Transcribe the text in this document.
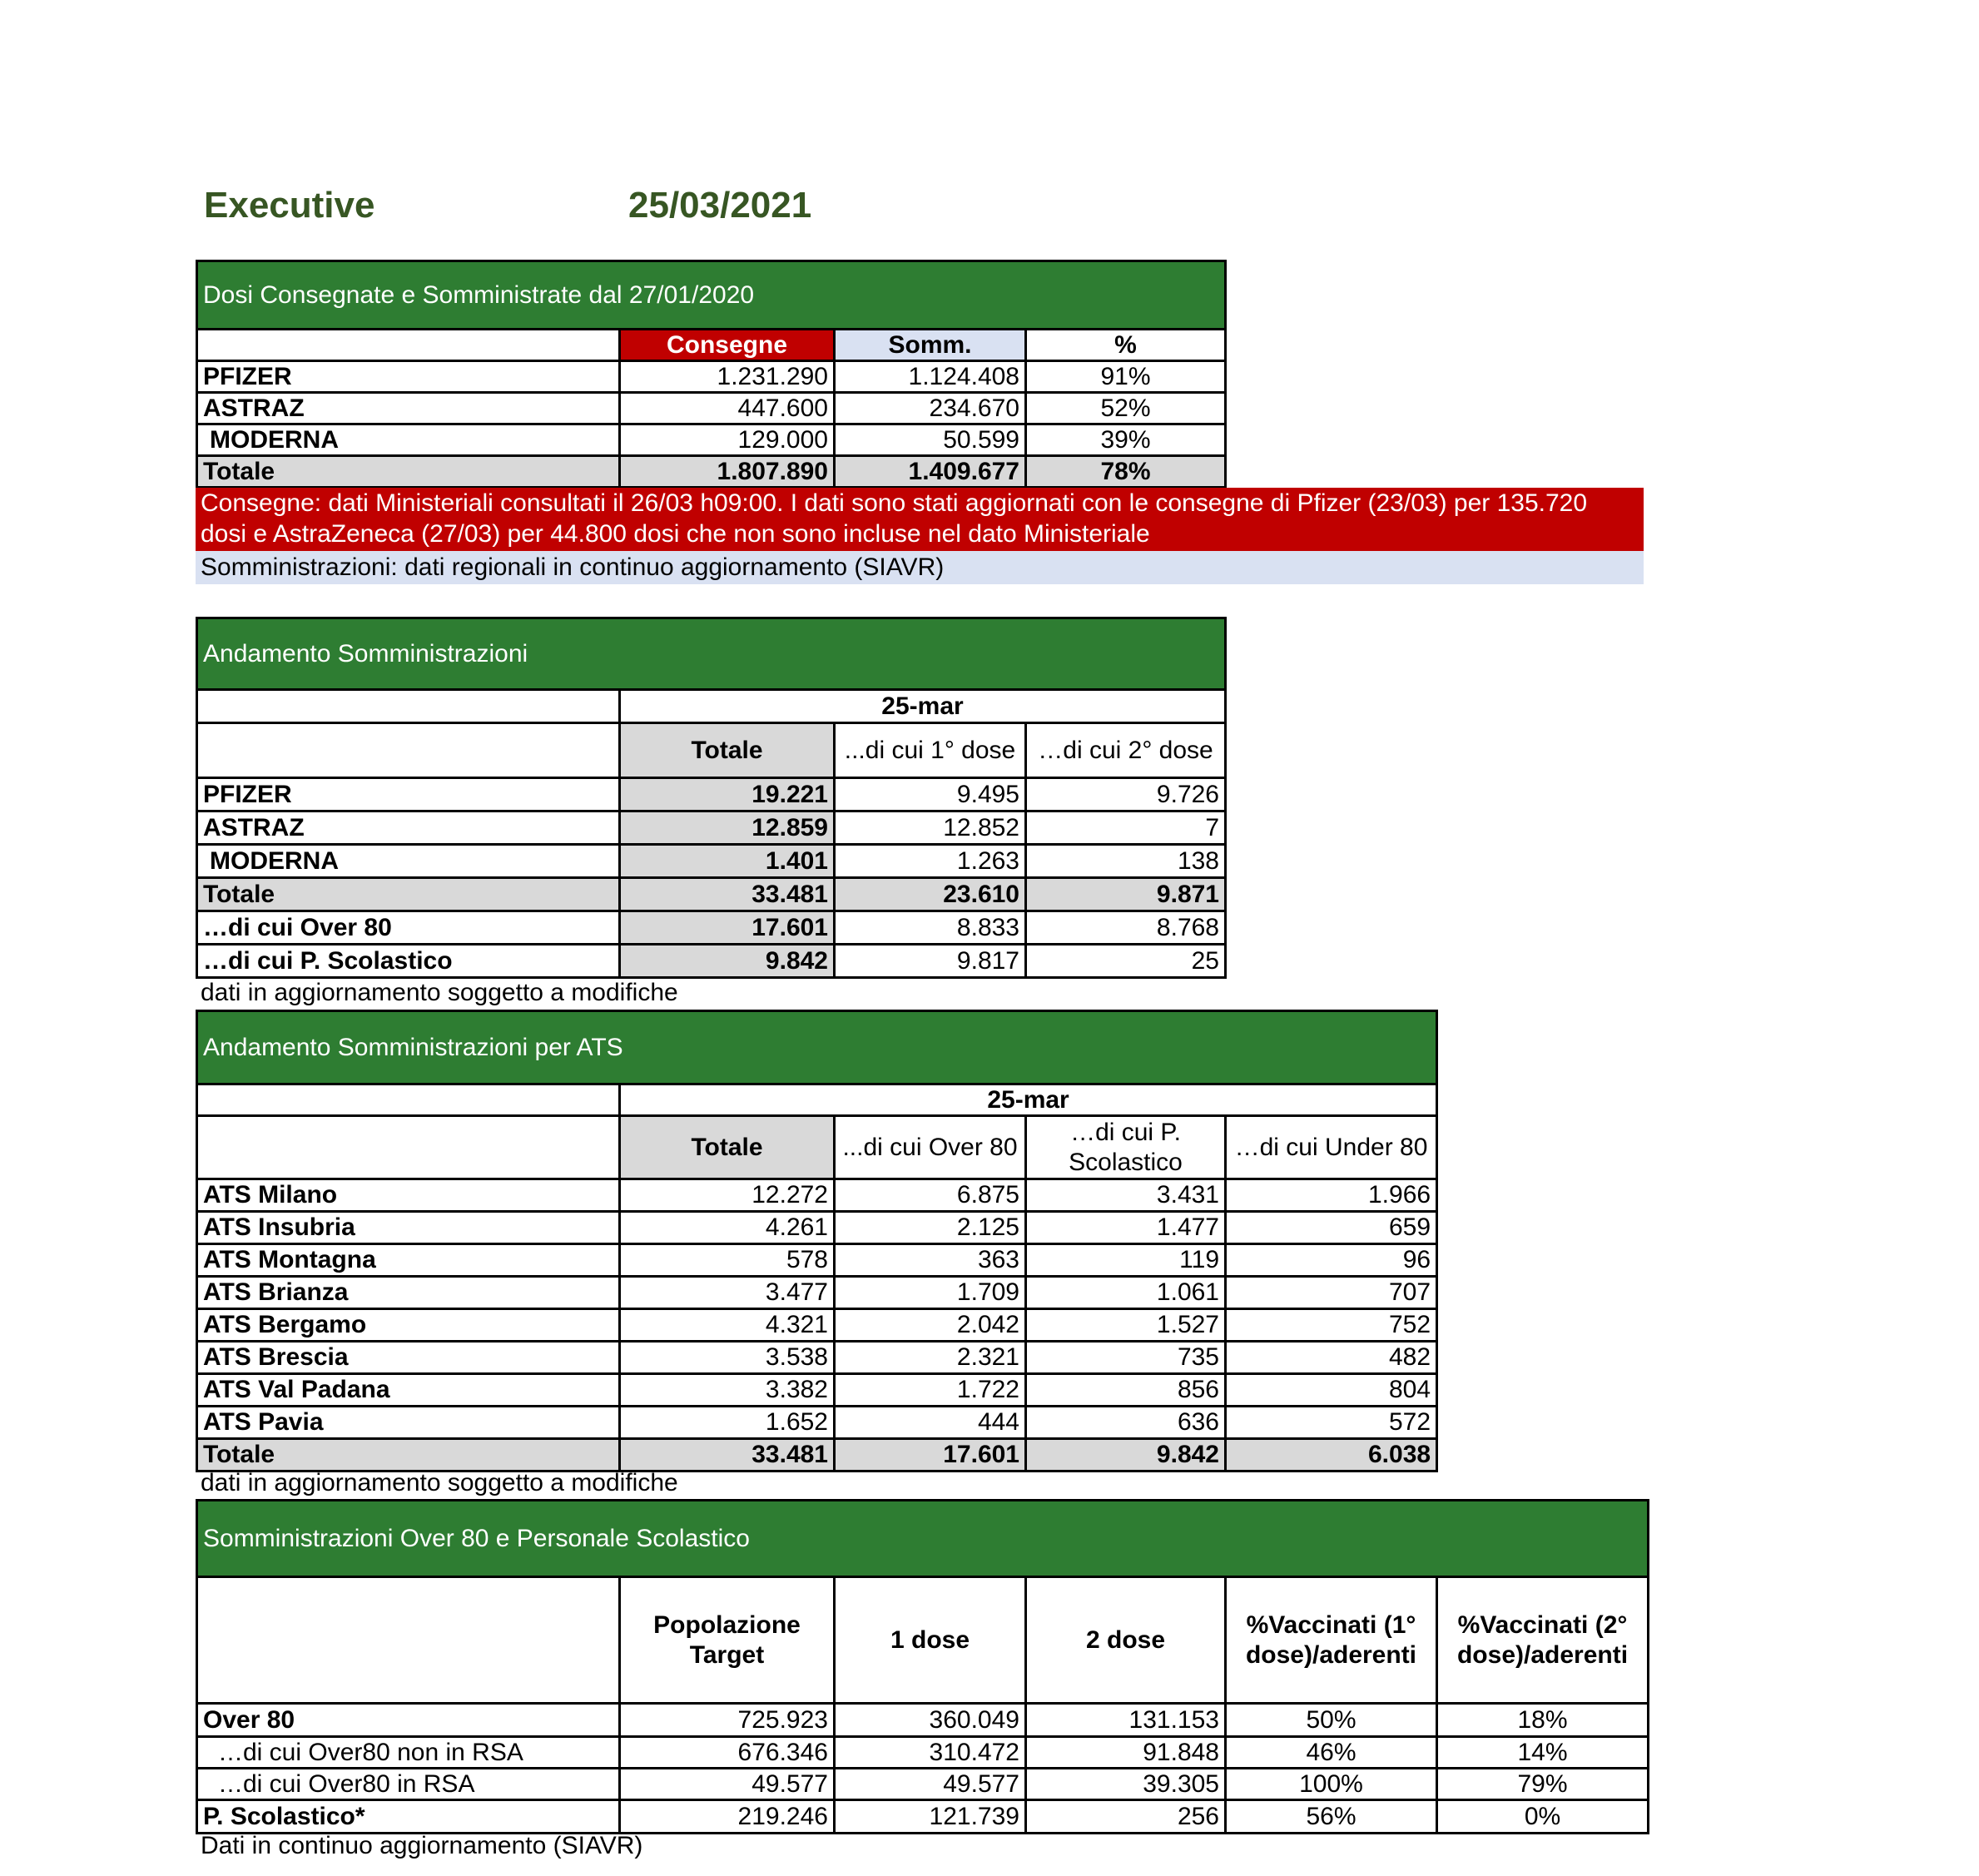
Executive	25/03/2021
Dosi Consegnate e Somministrate dal 27/01/2020			
	Consegne	Somm.	%
PFIZER	1.231.290	1.124.408	91%
ASTRAZ	447.600	234.670	52%
MODERNA	129.000	50.599	39%
Totale	1.807.890	1.409.677	78%
Consegne: dati Ministeriali consultati il 26/03 h09:00. I dati sono stati aggiornati con le consegne di Pfizer (23/03) per 135.720
dosi e AstraZeneca (27/03) per 44.800 dosi che non sono incluse nel dato Ministeriale
Somministrazioni: dati regionali in continuo aggiornamento (SIAVR)
Andamento Somministrazioni			
	25-mar		
	Totale	...di cui 1° dose	…di cui 2° dose
PFIZER	19.221	9.495	9.726
ASTRAZ	12.859	12.852	7
MODERNA	1.401	1.263	138
Totale	33.481	23.610	9.871
…di cui Over 80	17.601	8.833	8.768
…di cui P. Scolastico	9.842	9.817	25
dati in aggiornamento soggetto a modifiche
Andamento Somministrazioni per ATS				
	25-mar			
	Totale	...di cui Over 80	…di cui P. Scolastico	…di cui Under 80
ATS Milano	12.272	6.875	3.431	1.966
ATS Insubria	4.261	2.125	1.477	659
ATS Montagna	578	363	119	96
ATS Brianza	3.477	1.709	1.061	707
ATS Bergamo	4.321	2.042	1.527	752
ATS Brescia	3.538	2.321	735	482
ATS Val Padana	3.382	1.722	856	804
ATS Pavia	1.652	444	636	572
Totale	33.481	17.601	9.842	6.038
dati in aggiornamento soggetto a modifiche
Somministrazioni Over 80 e Personale Scolastico					
	Popolazione Target	1 dose	2 dose	%Vaccinati (1° dose)/aderenti	%Vaccinati (2° dose)/aderenti
Over 80	725.923	360.049	131.153	50%	18%
…di cui Over80 non in RSA	676.346	310.472	91.848	46%	14%
…di cui Over80 in RSA	49.577	49.577	39.305	100%	79%
P. Scolastico*	219.246	121.739	256	56%	0%
Dati in continuo aggiornamento (SIAVR)
